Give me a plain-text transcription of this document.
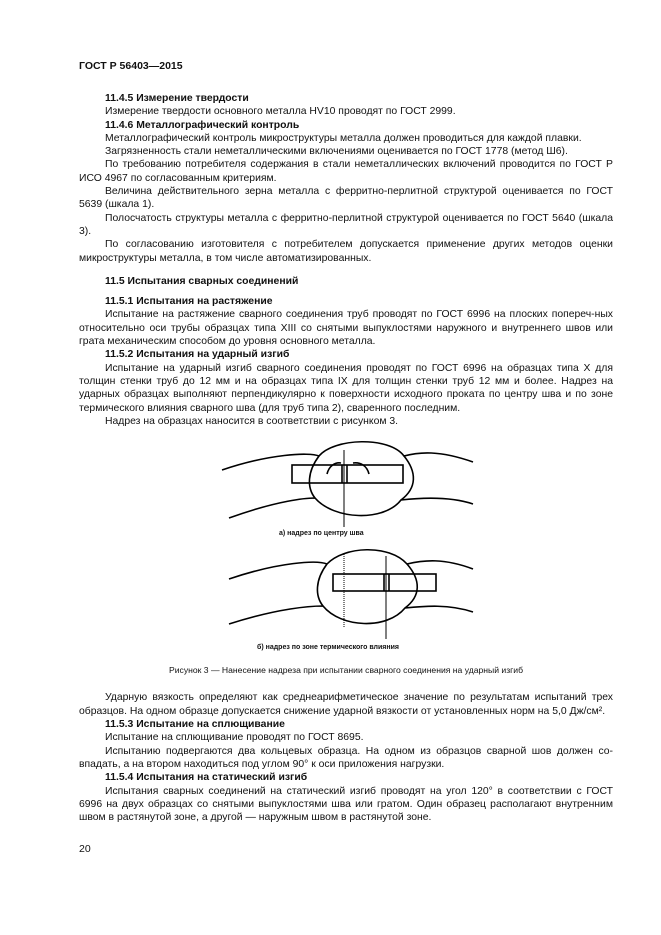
ГОСТ Р 56403—2015

11.4.5 Измерение твердости

Измерение твердости основного металла HV10 проводят по ГОСТ 2999.

11.4.6 Металлографический контроль

Металлографический контроль микроструктуры металла должен проводиться для каждой плавки.

Загрязненность стали неметаллическими включениями оценивается по ГОСТ 1778 (метод Ш6).

По требованию потребителя содержания в стали неметаллических включений проводится по ГОСТ Р ИСО 4967 по согласованным критериям.

Величина действительного зерна металла с ферритно-перлитной структурой оценивается по ГОСТ 5639 (шкала 1).

Полосчатость структуры металла с ферритно-перлитной структурой оценивается по ГОСТ 5640 (шкала 3).

По согласованию изготовителя с потребителем допускается применение других методов оценки микроструктуры металла, в том числе автоматизированных.

11.5 Испытания сварных соединений

11.5.1 Испытания на растяжение

Испытание на растяжение сварного соединения труб проводят по ГОСТ 6996 на плоских попереч-ных относительно оси трубы образцах типа XIII со снятыми выпуклостями наружного и внутреннего швов или грата механическим способом до уровня основного металла.

11.5.2 Испытания на ударный изгиб

Испытание на ударный изгиб сварного соединения проводят по ГОСТ 6996 на образцах типа X для толщин стенки труб до 12 мм и на образцах типа IX для толщин стенки труб 12 мм и более. Надрез на ударных образцах выполняют перпендикулярно к поверхности исходного проката по центру шва и по зоне термического влияния сварного шва (для труб типа 2), сваренного последним.

Надрез на образцах наносится в соответствии с рисунком 3.

а) надрез по центру шва
б) надрез по зоне термического влияния
Рисунок 3 — Нанесение надреза при испытании сварного соединения на ударный изгиб

Ударную вязкость определяют как среднеарифметическое значение по результатам испытаний трех образцов. На одном образце допускается снижение ударной вязкости от установленных норм на 5,0 Дж/см².

11.5.3 Испытание на сплющивание

Испытание на сплющивание проводят по ГОСТ 8695.

Испытанию подвергаются два кольцевых образца. На одном из образцов сварной шов должен со-впадать, а на втором находиться под углом 90° к оси приложения нагрузки.

11.5.4 Испытания на статический изгиб

Испытания сварных соединений на статический изгиб проводят на угол 120° в соответствии с ГОСТ 6996 на двух образцах со снятыми выпуклостями шва или гратом. Один образец располагают внутренним швом в растянутой зоне, а другой — наружным швом в растянутой зоне.

20
